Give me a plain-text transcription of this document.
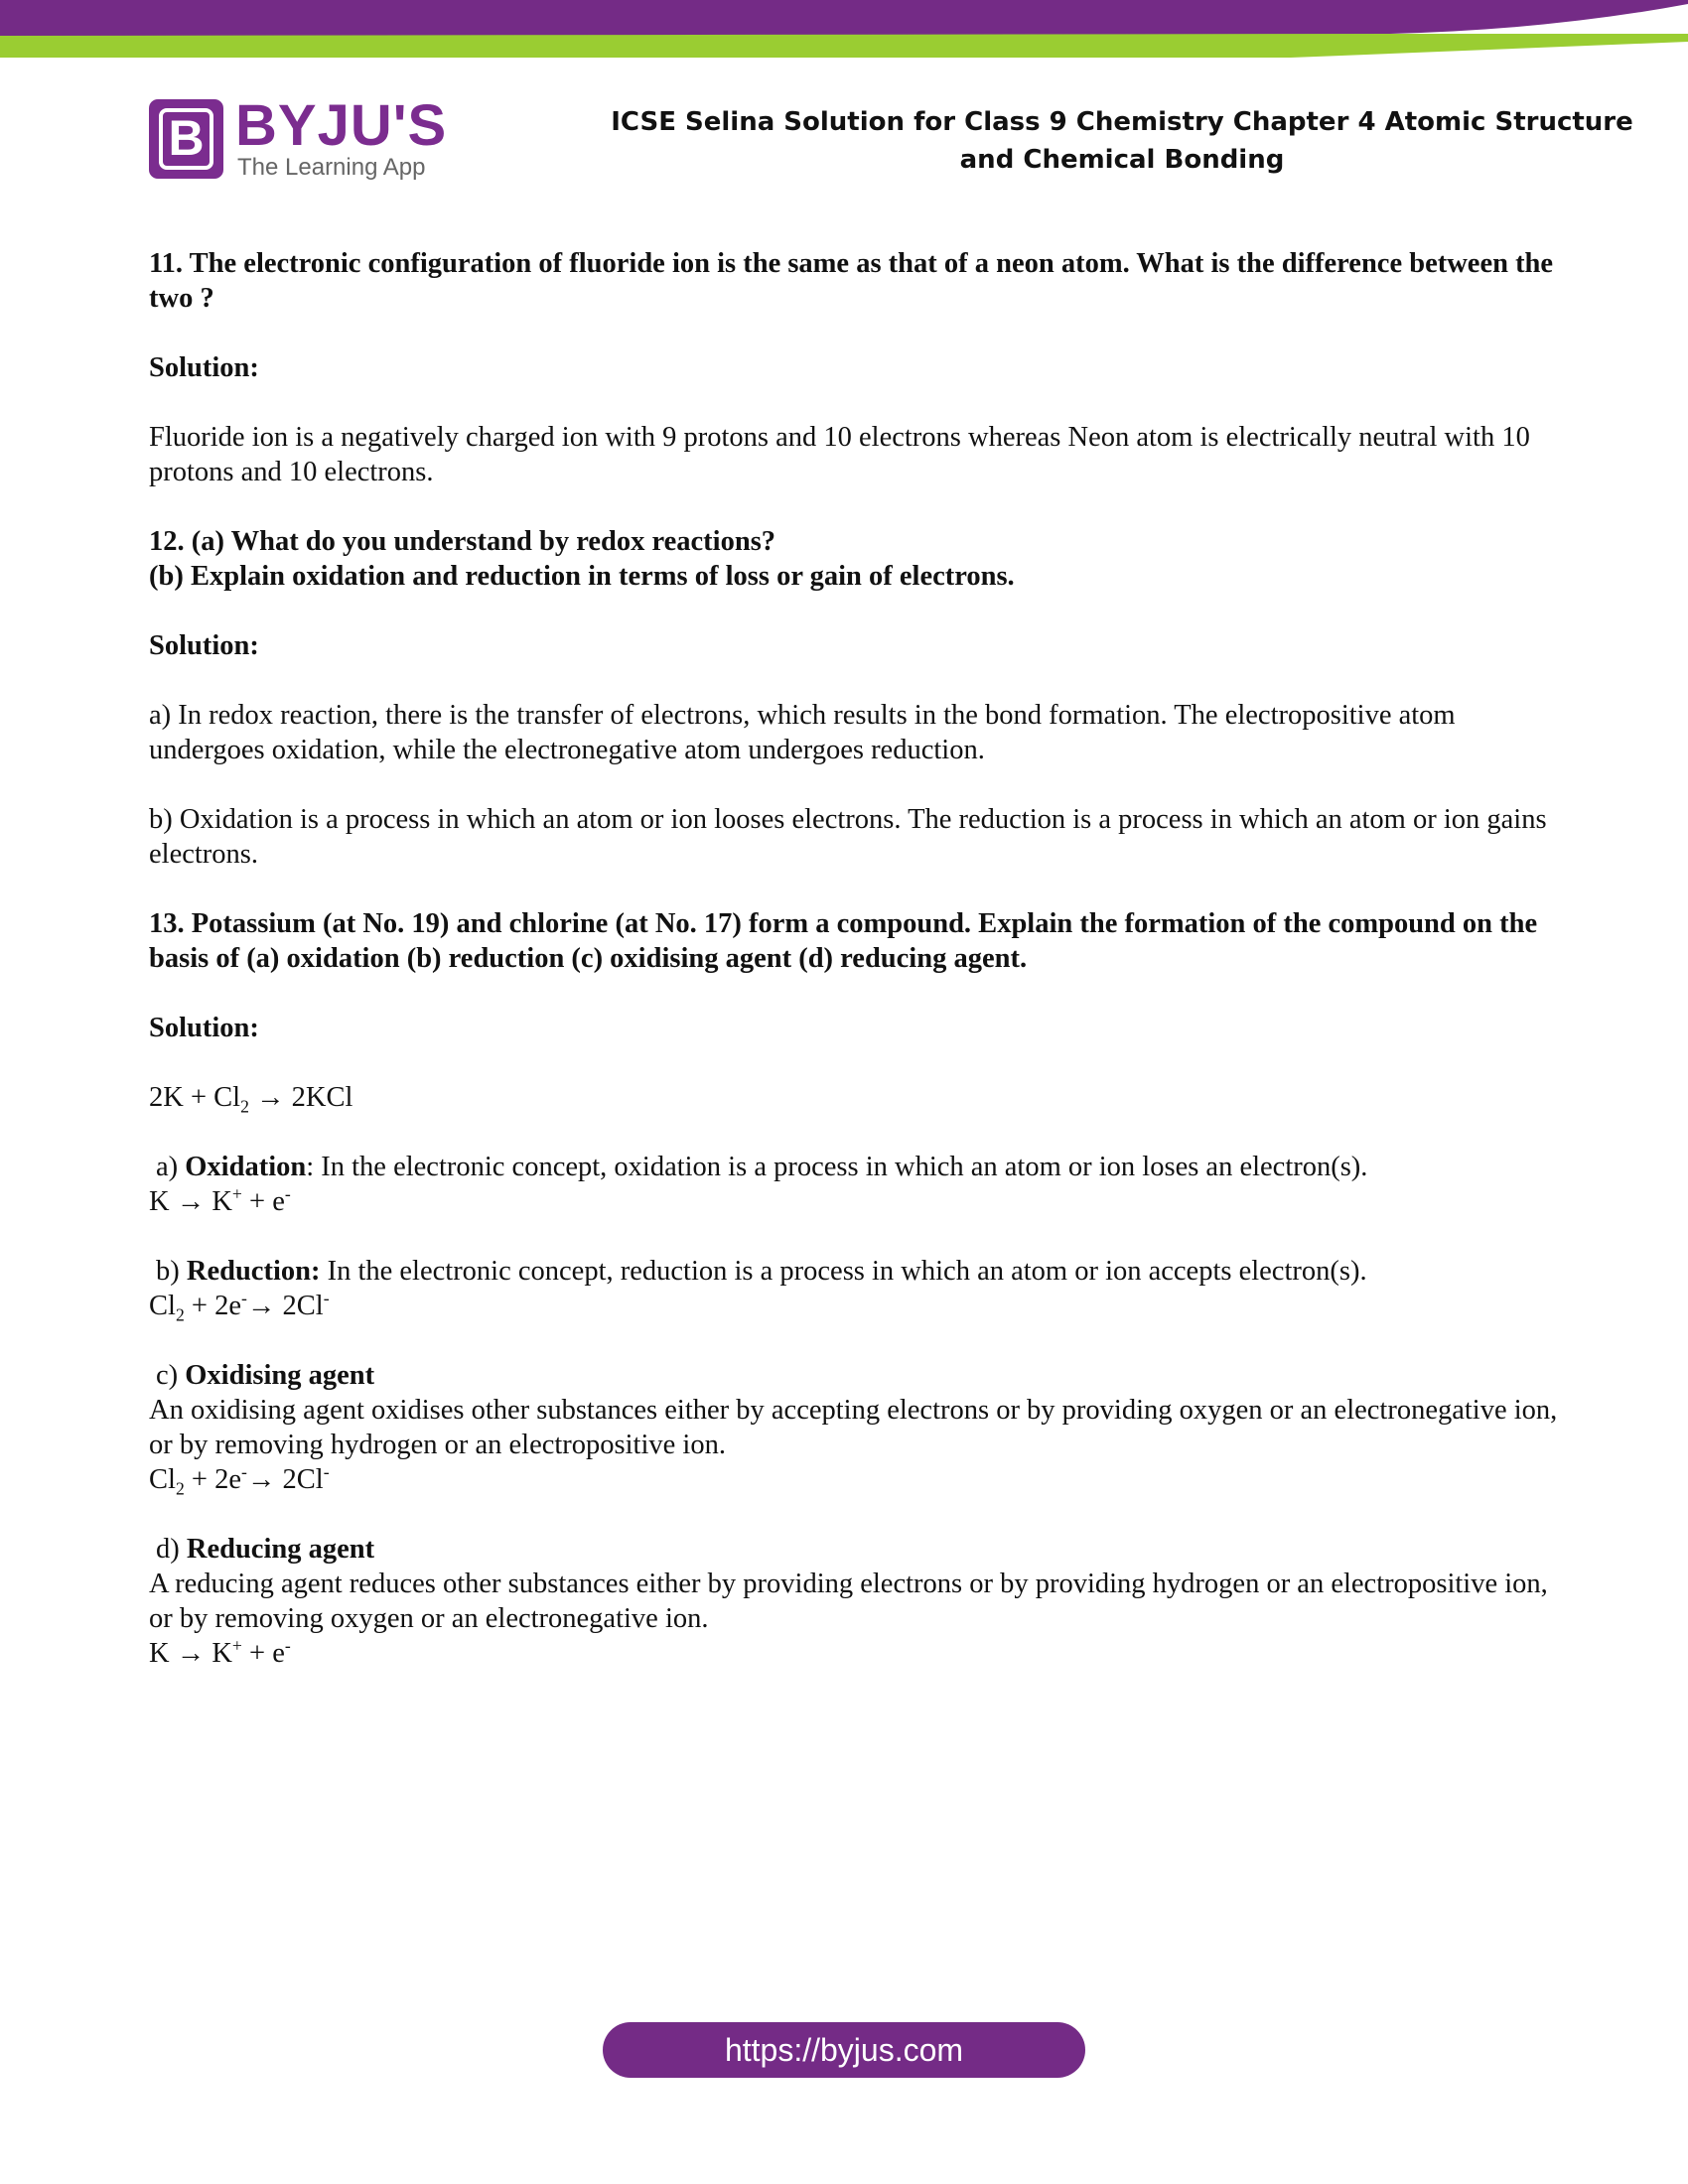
B BYJU'S
The Learning App
ICSE Selina Solution for Class 9 Chemistry Chapter 4 Atomic Structure and Chemical Bonding

11. The electronic configuration of fluoride ion is the same as that of a neon atom. What is the difference between the two ?

Solution:

Fluoride ion is a negatively charged ion with 9 protons and 10 electrons whereas Neon atom is electrically neutral with 10 protons and 10 electrons.

12. (a) What do you understand by redox reactions?
(b) Explain oxidation and reduction in terms of loss or gain of electrons.

Solution:

a) In redox reaction, there is the transfer of electrons, which results in the bond formation. The electropositive atom undergoes oxidation, while the electronegative atom undergoes reduction.

b) Oxidation is a process in which an atom or ion looses electrons. The reduction is a process in which an atom or ion gains electrons.

13. Potassium (at No. 19) and chlorine (at No. 17) form a compound. Explain the formation of the compound on the basis of (a) oxidation (b) reduction (c) oxidising agent (d) reducing agent.

Solution:

$2K + Cl_2 \to 2KCl$

a) Oxidation: In the electronic concept, oxidation is a process in which an atom or ion loses an electron(s).
K → K+ + e-

b) Reduction: In the electronic concept, reduction is a process in which an atom or ion accepts electron(s).
$Cl_2 + 2e^-\to 2Cl^-$

c) Oxidising agent
An oxidising agent oxidises other substances either by accepting electrons or by providing oxygen or an electronegative ion, or by removing hydrogen or an electropositive ion.
$Cl_2 + 2e^-\to 2Cl^-$

d) Reducing agent
A reducing agent reduces other substances either by providing electrons or by providing hydrogen or an electropositive ion, or by removing oxygen or an electronegative ion.
K → K+ + e-

https://byjus.com
